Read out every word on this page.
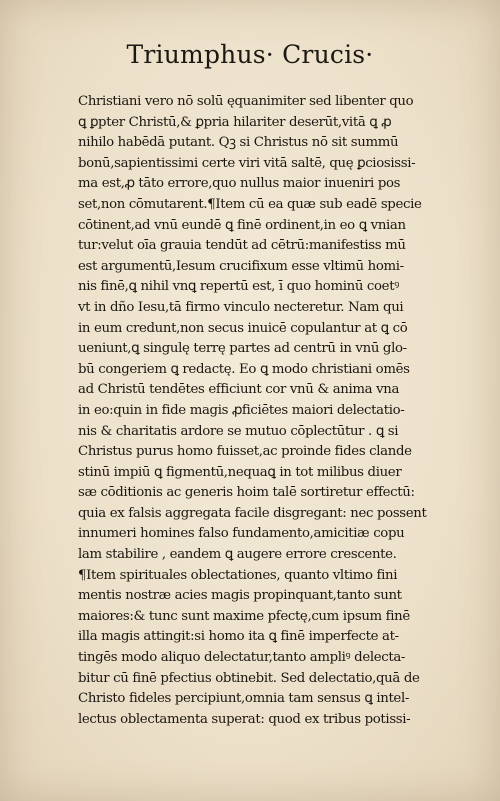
Triumphus· Crucis·
Christiani vero nō solū ęquanimiter sed libenter quo
ꝗ ꝑpter Christū,& ꝑpria hilariter deserūt,vitā ꝗ ꝓ
nihilo habēdā putant. Qꝫ si Christus nō sit summū
bonū,sapientissimi certe viri vitā saltē, quę ꝑciosissi-
ma est,ꝓ tāto errore,quo nullus maior inueniri pos
set,non cōmutarent.¶Item cū ea quæ sub eadē specie
cōtinent,ad vnū eundē ꝗ finē ordinent,in eo ꝗ vnian
tur:velut oīa grauia tendūt ad cētrū:manifestiss mū
est argumentū,Iesum crucifixum esse vltimū homi-
nis finē,ꝗ nihil vnꝗ repertū est, ī quo hominū coetꝰ
vt in dño Iesu,tā firmo vinculo necteretur. Nam qui
in eum credunt,non secus inuicē copulantur at ꝗ cō
ueniunt,ꝗ singulę terrę partes ad centrū in vnū glo-
bū congeriem ꝗ redactę. Eo ꝗ modo christiani omēs
ad Christū tendētes efficiunt cor vnū & anima vna
in eo:quin in fide magis ꝓficiētes maiori delectatio-
nis & charitatis ardore se mutuo cōplectūtur . ꝗ si
Christus purus homo fuisset,ac proinde fides clande
stinū impiū ꝗ figmentū,nequaꝗ in tot milibus diuer
sæ cōditionis ac generis hoim talē sortiretur effectū:
quia ex falsis aggregata facile disgregant: nec possent
innumeri homines falso fundamento,amicitiæ copu
lam stabilire , eandem ꝗ augere errore crescente.
¶Item spirituales oblectationes, quanto vltimo fini
mentis nostræ acies magis propinquant,tanto sunt
maiores:& tunc sunt maxime pfectę,cum ipsum finē
illa magis attingit:si homo ita ꝗ finē imperfecte at-
tingēs modo aliquo delectatur,tanto ampliꝰ delecta-
bitur cū finē pfectius obtinebit. Sed delectatio,quā de
Christo fideles percipiunt,omnia tam sensus ꝗ intel-
lectus oblectamenta superat: quod ex tribus potissi-
